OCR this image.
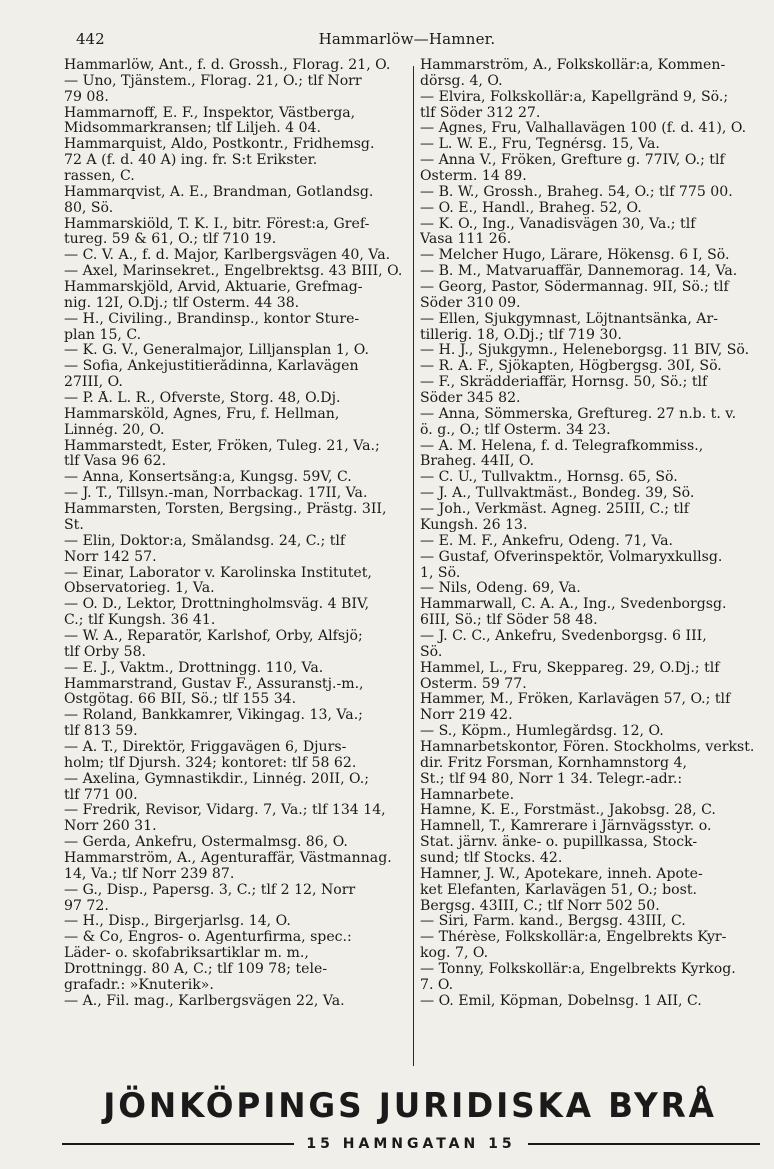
442	Hammarlöw—Hamner.
Hammarlöw, Ant., f. d. Grossh., Florag. 21, Ö.
— Uno, Tjänstem., Florag. 21, Ö.; tlf Norr
79 08.
Hammarnoff, E. F., Inspektor, Västberga,
Midsommarkransen; tlf Liljeh. 4 04.
Hammarquist, Aldo, Postkontr., Fridhemsg.
72 A (f. d. 40 A) ing. fr. S:t Erikster.
rassen, C.
Hammarqvist, A. E., Brandman, Gotlandsg.
80, Sö.
Hammarskiöld, T. K. I., bitr. Förest:a, Gref-
tureg. 59 & 61, Ö.; tlf 710 19.
— C. V. A., f. d. Major, Karlbergsvägen 40, Va.
— Axel, Marinsekret., Engelbrektsg. 43 BIII, Ö.
Hammarskjöld, Arvid, Aktuarie, Grefmag-
nig. 12I, Ö.Dj.; tlf Österm. 44 38.
— H., Civiling., Brandinsp., kontor Sture-
plan 15, C.
— K. G. V., Generalmajor, Lilljansplan 1, Ö.
— Sofia, Änkejustitierådinna, Karlavägen
27III, Ö.
— P. Å. L. R., Öfverste, Storg. 48, Ö.Dj.
Hammarsköld, Agnes, Fru, f. Hellman,
Linnég. 20, Ö.
Hammarstedt, Ester, Fröken, Tuleg. 21, Va.;
tlf Vasa 96 62.
— Anna, Konsertsång:a, Kungsg. 59V, C.
— J. T., Tillsyn.-man, Norrbackag. 17II, Va.
Hammarsten, Torsten, Bergsing., Prästg. 3II,
St.
— Elin, Doktor:a, Smålandsg. 24, C.; tlf
Norr 142 57.
— Einar, Laborator v. Karolinska Institutet,
Observatorieg. 1, Va.
— O. D., Lektor, Drottningholmsväg. 4 BIV,
C.; tlf Kungsh. 36 41.
— W. A., Reparatör, Karlshof, Örby, Älfsjö;
tlf Örby 58.
— E. J., Vaktm., Drottningg. 110, Va.
Hammarstrand, Gustav F., Assuranstj.-m.,
Östgötag. 66 BII, Sö.; tlf 155 34.
— Roland, Bankkamrer, Vikingag. 13, Va.;
tlf 813 59.
— A. T., Direktör, Friggavägen 6, Djurs-
holm; tlf Djursh. 324; kontoret: tlf 58 62.
— Axelina, Gymnastikdir., Linnég. 20II, Ö.;
tlf 771 00.
— Fredrik, Revisor, Vidarg. 7, Va.; tlf 134 14,
Norr 260 31.
— Gerda, Änkefru, Östermalmsg. 86, Ö.
Hammarström, A., Agenturaffär, Västmannag.
14, Va.; tlf Norr 239 87.
— G., Disp., Papersg. 3, C.; tlf 2 12, Norr
97 72.
— H., Disp., Birgerjarlsg. 14, Ö.
— & Co, Engros- o. Agenturfirma, spec.:
Läder- o. skofabriksartiklar m. m.,
Drottningg. 80 A, C.; tlf 109 78; tele-
grafadr.: »Knuterik».
— A., Fil. mag., Karlbergsvägen 22, Va.
Hammarström, A., Folkskollär:a, Kommen-
dörsg. 4, Ö.
— Elvira, Folkskollär:a, Kapellgränd 9, Sö.;
tlf Söder 312 27.
— Agnes, Fru, Valhallavägen 100 (f. d. 41), Ö.
— L. W. E., Fru, Tegnérsg. 15, Va.
— Anna V., Fröken, Grefture g. 77IV, Ö.; tlf
Österm. 14 89.
— B. W., Grossh., Braheg. 54, Ö.; tlf 775 00.
— O. E., Handl., Braheg. 52, Ö.
— K. O., Ing., Vanadisvägen 30, Va.; tlf
Vasa 111 26.
— Melcher Hugo, Lärare, Hökensg. 6 I, Sö.
— B. M., Matvaruaffär, Dannemorag. 14, Va.
— Georg, Pastor, Södermannag. 9II, Sö.; tlf
Söder 310 09.
— Ellen, Sjukgymnast, Löjtnantsänka, Ar-
tillerig. 18, Ö.Dj.; tlf 719 30.
— H. J., Sjukgymn., Heleneborgsg. 11 BIV, Sö.
— R. A. F., Sjökapten, Högbergsg. 30I, Sö.
— F., Skrädderiaffär, Hornsg. 50, Sö.; tlf
Söder 345 82.
— Anna, Sömmerska, Greftureg. 27 n.b. t. v.
ö. g., Ö.; tlf Österm. 34 23.
— A. M. Helena, f. d. Telegrafkommiss.,
Braheg. 44II, Ö.
— C. U., Tullvaktm., Hornsg. 65, Sö.
— J. A., Tullvaktmäst., Bondeg. 39, Sö.
— Joh., Verkmäst. Agneg. 25III, C.; tlf
Kungsh. 26 13.
— E. M. F., Änkefru, Odeng. 71, Va.
— Gustaf, Öfverinspektör, Volmaryxkullsg.
1, Sö.
— Nils, Odeng. 69, Va.
Hammarwall, C. A. A., Ing., Svedenborgsg.
6III, Sö.; tlf Söder 58 48.
— J. C. C., Änkefru, Svedenborgsg. 6 III,
Sö.
Hammel, L., Fru, Skeppareg. 29, Ö.Dj.; tlf
Österm. 59 77.
Hammer, M., Fröken, Karlavägen 57, Ö.; tlf
Norr 219 42.
— S., Köpm., Humlegårdsg. 12, Ö.
Hamnarbetskontor, Fören. Stockholms, verkst.
dir. Fritz Forsman, Kornhamnstorg 4,
St.; tlf 94 80, Norr 1 34. Telegr.-adr.:
Hamnarbete.
Hamne, K. E., Forstmäst., Jakobsg. 28, C.
Hamnell, T., Kamrerare i Järnvägsstyr. o.
Stat. järnv. änke- o. pupillkassa, Stock-
sund; tlf Stocks. 42.
Hamner, J. W., Apotekare, inneh. Apote-
ket Elefanten, Karlavägen 51, Ö.; bost.
Bergsg. 43III, C.; tlf Norr 502 50.
— Siri, Farm. kand., Bergsg. 43III, C.
— Thérèse, Folkskollär:a, Engelbrekts Kyr-
kog. 7, Ö.
— Tonny, Folkskollär:a, Engelbrekts Kyrkog.
7. Ö.
— O. Emil, Köpman, Dobelnsg. 1 AII, C.
JÖNKÖPINGS JURIDISKA BYRÅ
15 HAMNGATAN 15
